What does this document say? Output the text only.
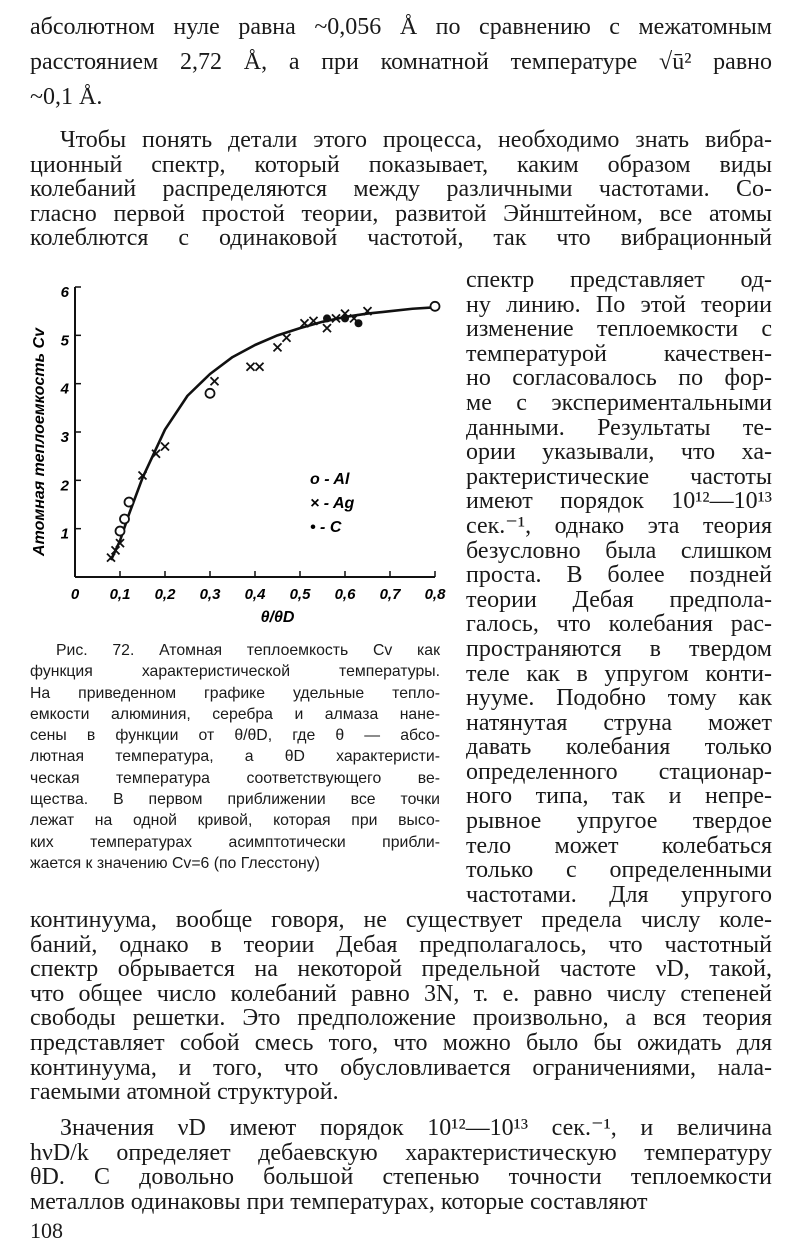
абсолютном нуле равна ~0,056 Å по сравнению с межатомным
расстоянием 2,72 Å, а при комнатной температуре √ū² равно
~0,1 Å.
Чтобы понять детали этого процесса, необходимо знать вибра-
ционный спектр, который показывает, каким образом виды
колебаний распределяются между различными частотами. Со-
гласно первой простой теории, развитой Эйнштейном, все атомы
колеблются с одинаковой частотой, так что вибрационный
спектр представляет од-
ну линию. По этой теории
изменение теплоемкости с
температурой качествен-
но согласовалось по фор-
ме с экспериментальными
данными. Результаты те-
ории указывали, что ха-
рактеристические частоты
имеют порядок 10¹²—10¹³
сек.⁻¹, однако эта теория
безусловно была слишком
проста. В более поздней
теории Дебая предпола-
галось, что колебания рас-
пространяются в твердом
теле как в упругом конти-
нууме. Подобно тому как
натянутая струна может
давать колебания только
определенного стационар-
ного типа, так и непре-
рывное упругое твердое
тело может колебаться
только с определенными
частотами. Для упругого
0 0,1 0,2 0,3 0,4 0,5 0,6 0,7 0,8
1
2
3
4
5
6
θ/θD
Атомная теплоемкость Cv	o - Al
× - Ag
• - C
Рис. 72. Атомная теплоемкость Cv как
функция характеристической температуры.
На приведенном графике удельные тепло-
емкости алюминия, серебра и алмаза нане-
сены в функции от θ/θD, где θ — абсо-
лютная температура, а θD характеристи-
ческая температура соответствующего ве-
щества. В первом приближении все точки
лежат на одной кривой, которая при высо-
ких температурах асимптотически прибли-
жается к значению Cv=6 (по Глесстону)
континуума, вообще говоря, не существует предела числу коле-
баний, однако в теории Дебая предполагалось, что частотный
спектр обрывается на некоторой предельной частоте νD, такой,
что общее число колебаний равно 3N, т. е. равно числу степеней
свободы решетки. Это предположение произвольно, а вся теория
представляет собой смесь того, что можно было бы ожидать для
континуума, и того, что обусловливается ограничениями, нала-
гаемыми атомной структурой.
Значения νD имеют порядок 10¹²—10¹³ сек.⁻¹, и величина
hνD/k определяет дебаевскую характеристическую температуру
θD. С довольно большой степенью точности теплоемкости
металлов одинаковы при температурах, которые составляют
108
